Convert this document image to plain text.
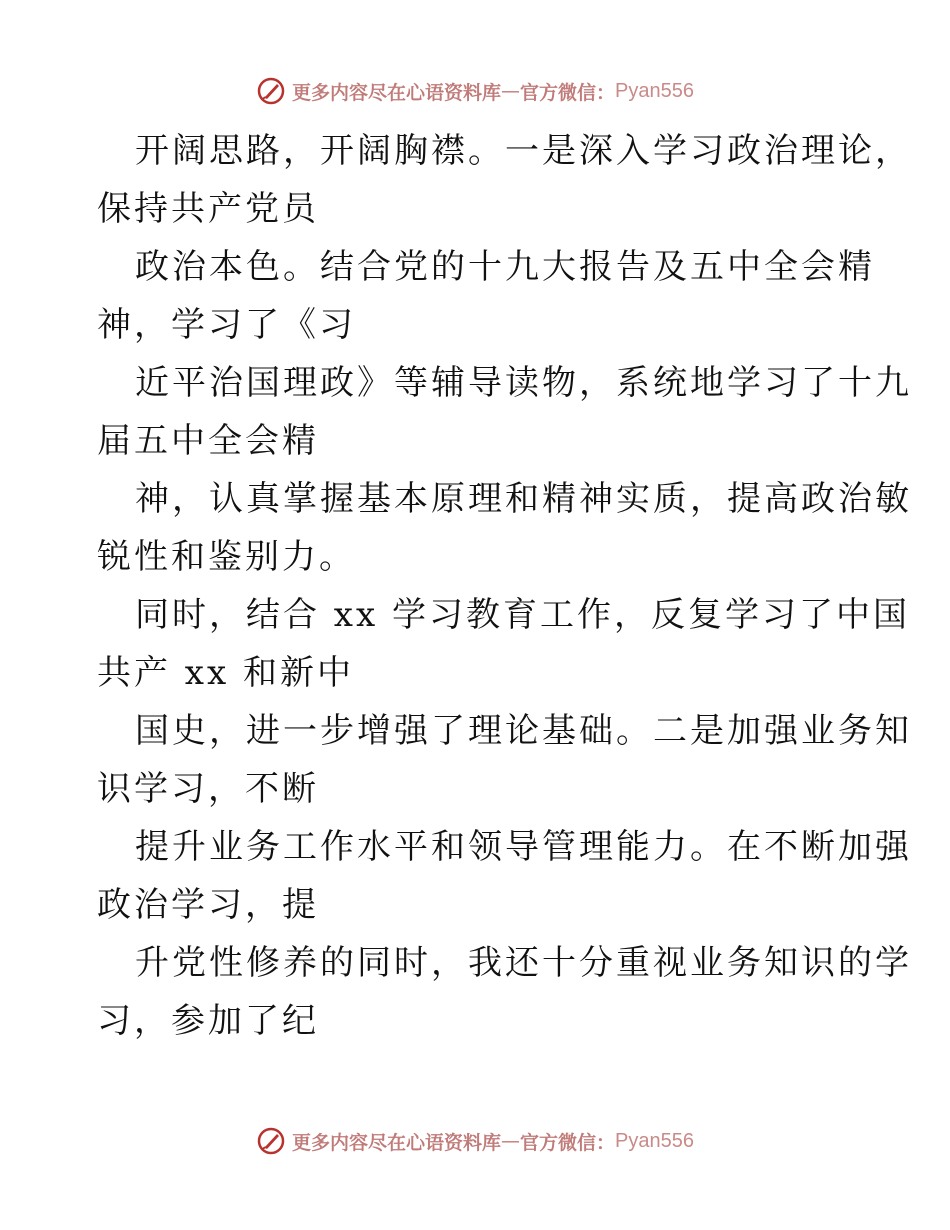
更多内容尽在心语资料库 — 官方微信： Pyan556
开阔思路，开阔胸襟。一是深入学习政治理论，
保持共产党员
政治本色。结合党的十九大报告及五中全会精
神，学习了《习
近平治国理政》等辅导读物，系统地学习了十九
届五中全会精
神，认真掌握基本原理和精神实质，提高政治敏
锐性和鉴别力。
同时，结合 xx 学习教育工作，反复学习了中国
共产 xx 和新中
国史，进一步增强了理论基础。二是加强业务知
识学习，不断
提升业务工作水平和领导管理能力。在不断加强
政治学习，提
升党性修养的同时，我还十分重视业务知识的学
习，参加了纪
更多内容尽在心语资料库 — 官方微信： Pyan556
